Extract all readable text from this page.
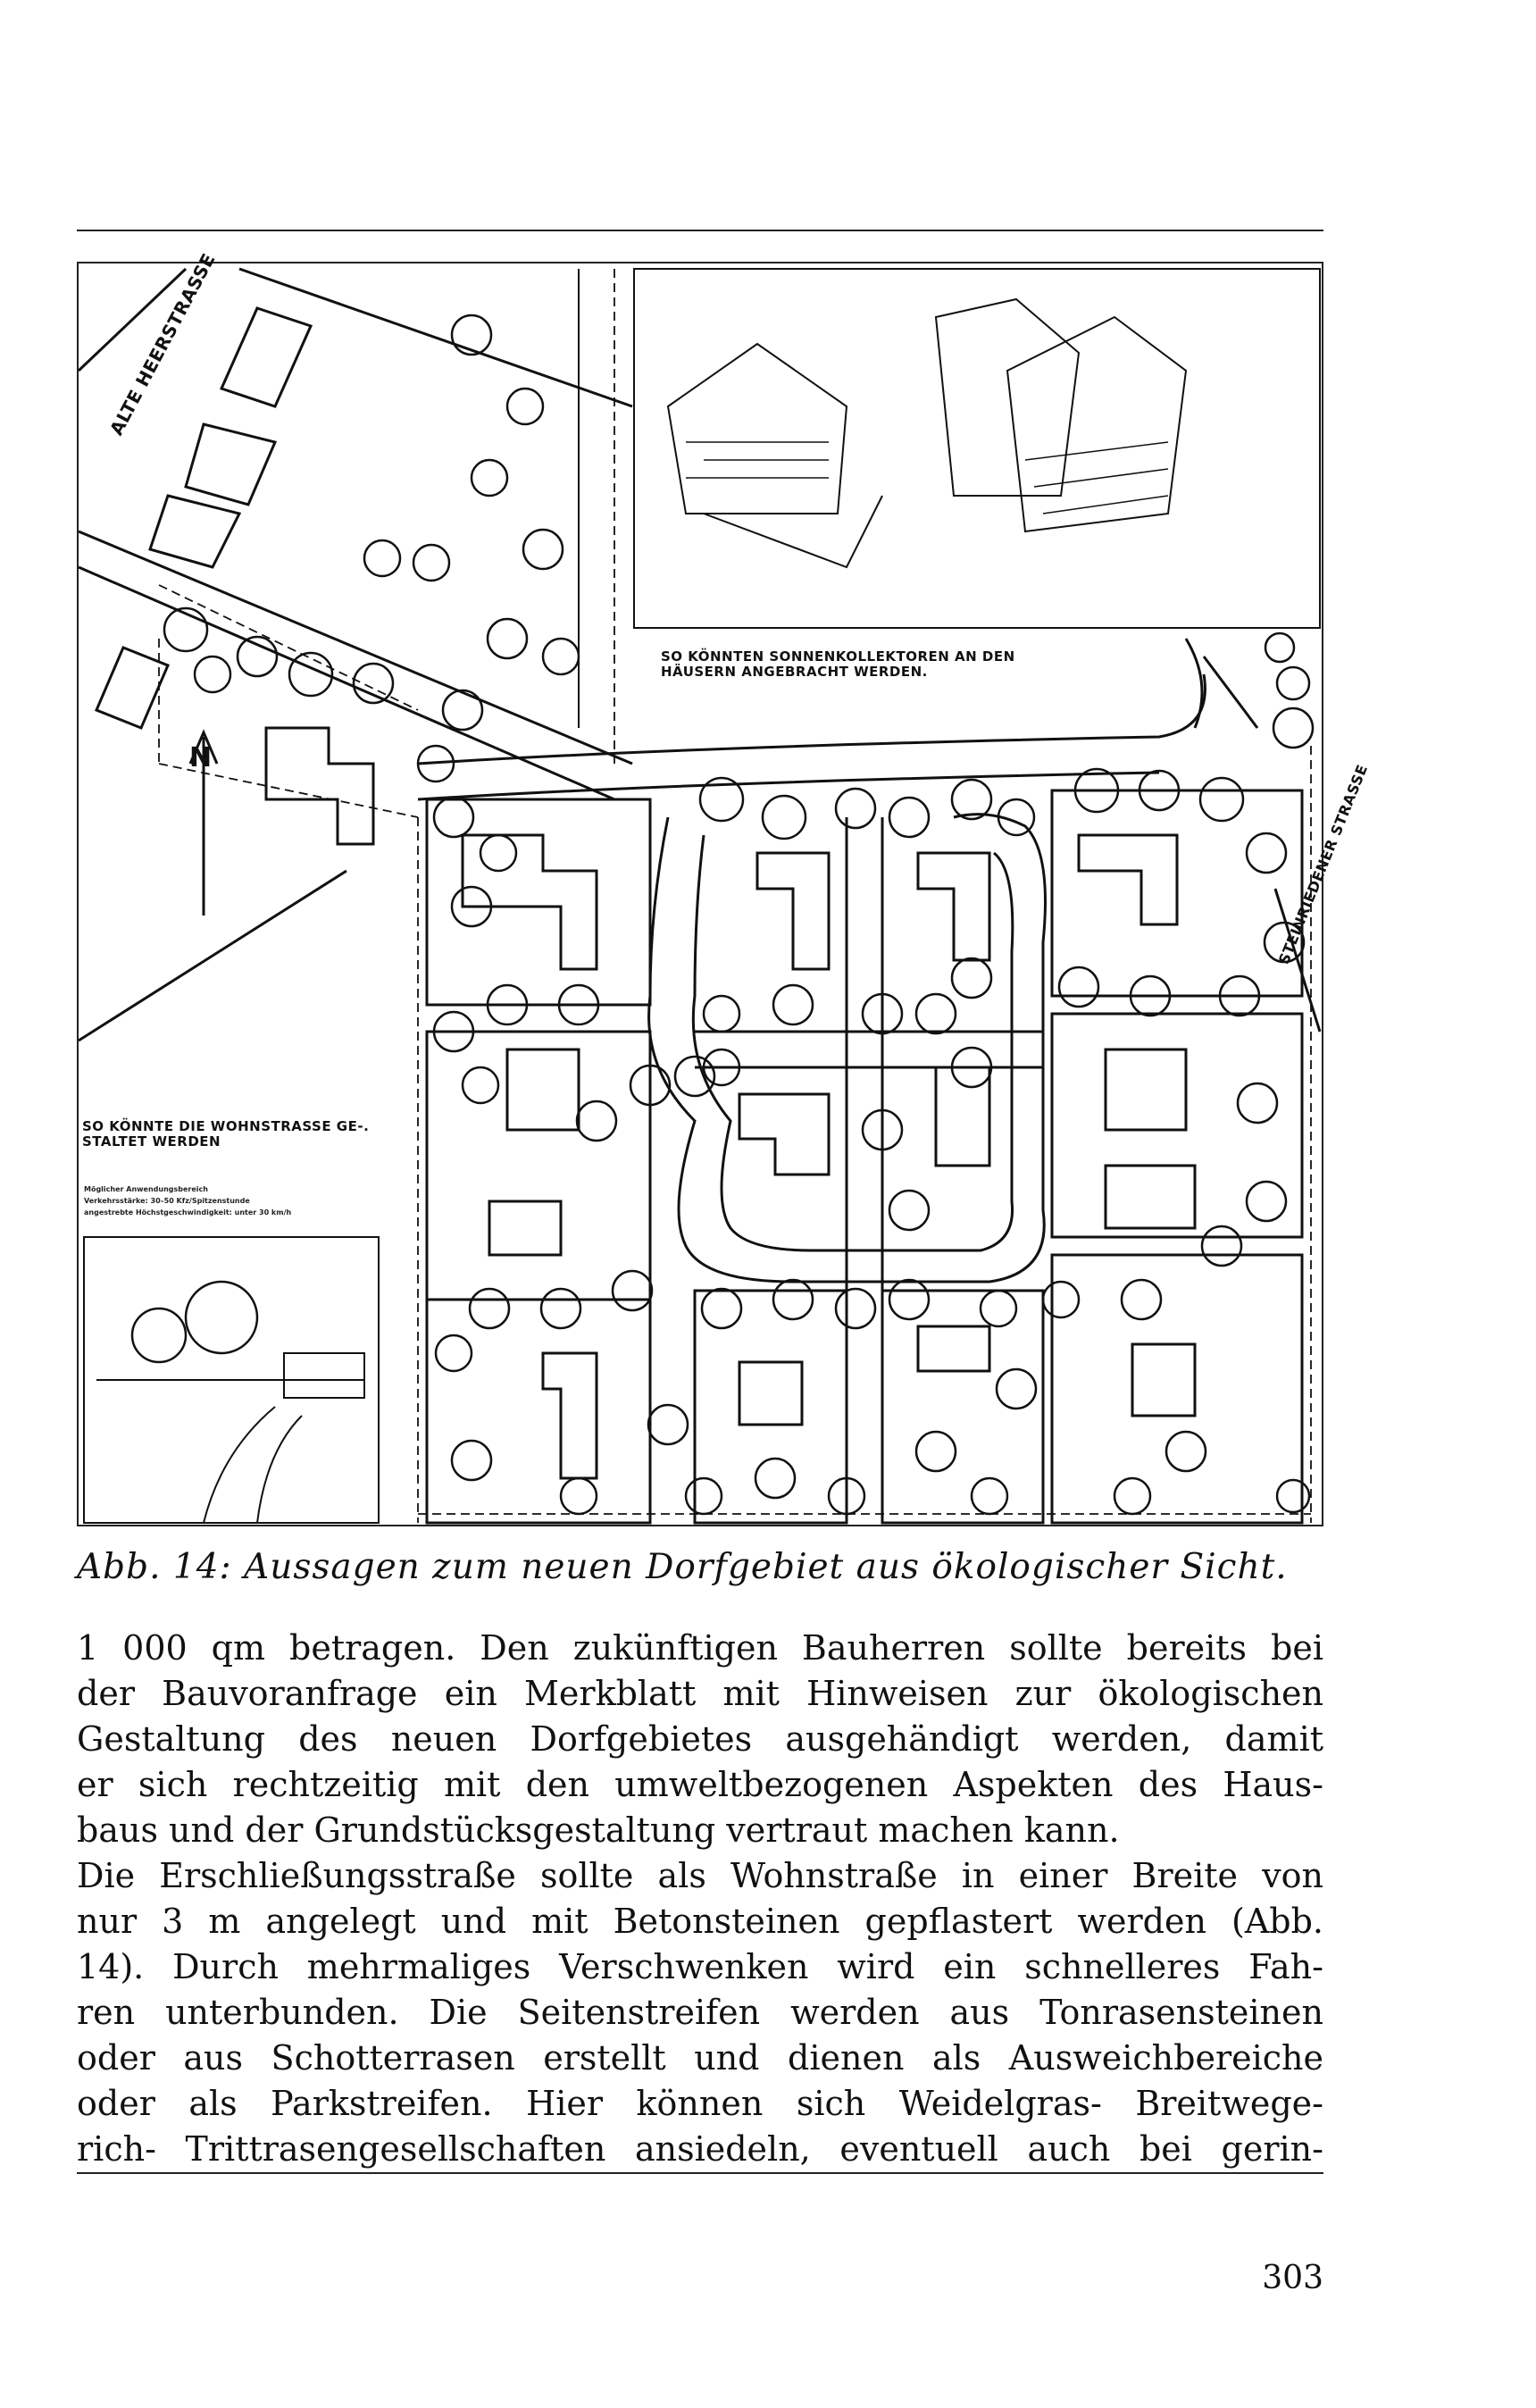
SO KÖNNTEN SONNENKOLLEKTOREN AN DEN HÄUSERN ANGEBRACHT WERDEN.
SO KÖNNTE DIE WOHNSTRASSE GE-. STALTET WERDEN
N
ALTE HEERSTRASSE
STEINRIEDENER STRASSE
Möglicher Anwendungsbereich
Verkehrsstärke: 30–50 Kfz/Spitzenstunde
angestrebte Höchstgeschwindigkeit: unter 30 km/h
Abb. 14: Aussagen zum neuen Dorfgebiet aus ökologischer Sicht.
1 000 qm betragen. Den zukünftigen Bauherren sollte bereits bei
der Bauvoranfrage ein Merkblatt mit Hinweisen zur ökologischen
Gestaltung des neuen Dorfgebietes ausgehändigt werden, damit
er sich rechtzeitig mit den umweltbezogenen Aspekten des Haus-
baus und der Grundstücksgestaltung vertraut machen kann.
Die Erschließungsstraße sollte als Wohnstraße in einer Breite von
nur 3 m angelegt und mit Betonsteinen gepflastert werden (Abb.
14). Durch mehrmaliges Verschwenken wird ein schnelleres Fah-
ren unterbunden. Die Seitenstreifen werden aus Tonrasensteinen
oder aus Schotterrasen erstellt und dienen als Ausweichbereiche
oder als Parkstreifen. Hier können sich Weidelgras- Breitwege-
rich- Trittrasengesellschaften ansiedeln, eventuell auch bei gerin-
303
